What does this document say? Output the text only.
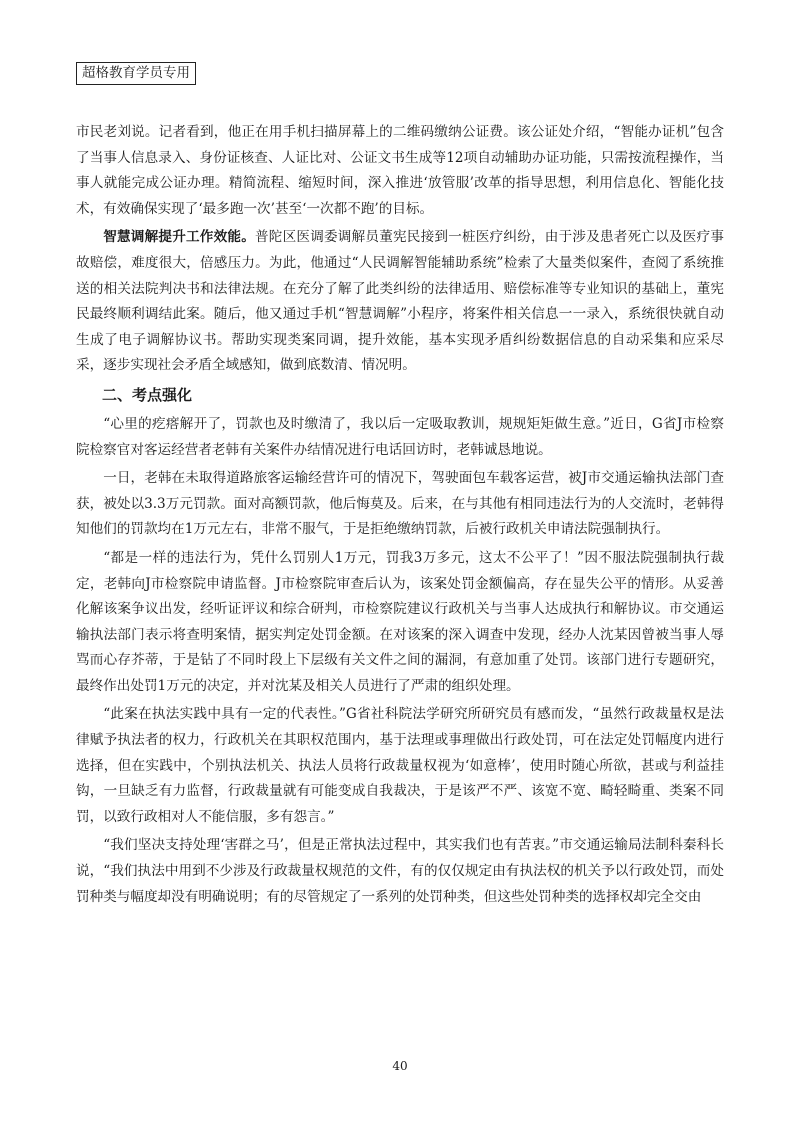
超格教育学员专用

市民老刘说。记者看到，他正在用手机扫描屏幕上的二维码缴纳公证费。该公证处介绍，“智能办证机”包含了当事人信息录入、身份证核查、人证比对、公证文书生成等12项自动辅助办证功能，只需按流程操作，当事人就能完成公证办理。精简流程、缩短时间，深入推进‘放管服’改革的指导思想，利用信息化、智能化技术，有效确保实现了‘最多跑一次’甚至‘一次都不跑’的目标。

智慧调解提升工作效能。普陀区医调委调解员董宪民接到一桩医疗纠纷，由于涉及患者死亡以及医疗事故赔偿，难度很大，倍感压力。为此，他通过“人民调解智能辅助系统”检索了大量类似案件，查阅了系统推送的相关法院判决书和法律法规。在充分了解了此类纠纷的法律适用、赔偿标准等专业知识的基础上，董宪民最终顺利调结此案。随后，他又通过手机“智慧调解”小程序，将案件相关信息一一录入，系统很快就自动生成了电子调解协议书。帮助实现类案同调，提升效能，基本实现矛盾纠纷数据信息的自动采集和应采尽采，逐步实现社会矛盾全域感知，做到底数清、情况明。

二、考点强化

“心里的疙瘩解开了，罚款也及时缴清了，我以后一定吸取教训，规规矩矩做生意。”近日，G省J市检察院检察官对客运经营者老韩有关案件办结情况进行电话回访时，老韩诚恳地说。

一日，老韩在未取得道路旅客运输经营许可的情况下，驾驶面包车载客运营，被J市交通运输执法部门查获，被处以3.3万元罚款。面对高额罚款，他后悔莫及。后来，在与其他有相同违法行为的人交流时，老韩得知他们的罚款均在1万元左右，非常不服气，于是拒绝缴纳罚款，后被行政机关申请法院强制执行。

“都是一样的违法行为，凭什么罚别人1万元，罚我3万多元，这太不公平了！”因不服法院强制执行裁定，老韩向J市检察院申请监督。J市检察院审查后认为，该案处罚金额偏高，存在显失公平的情形。从妥善化解该案争议出发，经听证评议和综合研判，市检察院建议行政机关与当事人达成执行和解协议。市交通运输执法部门表示将查明案情，据实判定处罚金额。在对该案的深入调查中发现，经办人沈某因曾被当事人辱骂而心存芥蒂，于是钻了不同时段上下层级有关文件之间的漏洞，有意加重了处罚。该部门进行专题研究，最终作出处罚1万元的决定，并对沈某及相关人员进行了严肃的组织处理。

“此案在执法实践中具有一定的代表性。”G省社科院法学研究所研究员有感而发，“虽然行政裁量权是法律赋予执法者的权力，行政机关在其职权范围内，基于法理或事理做出行政处罚，可在法定处罚幅度内进行选择，但在实践中，个别执法机关、执法人员将行政裁量权视为‘如意棒’，使用时随心所欲，甚或与利益挂钩，一旦缺乏有力监督，行政裁量就有可能变成自我裁决，于是该严不严、该宽不宽、畸轻畸重、类案不同罚，以致行政相对人不能信服，多有怨言。”

“我们坚决支持处理‘害群之马’，但是正常执法过程中，其实我们也有苦衷。”市交通运输局法制科秦科长说，“我们执法中用到不少涉及行政裁量权规范的文件，有的仅仅规定由有执法权的机关予以行政处罚，而处罚种类与幅度却没有明确说明；有的尽管规定了一系列的处罚种类，但这些处罚种类的选择权却完全交由

40
